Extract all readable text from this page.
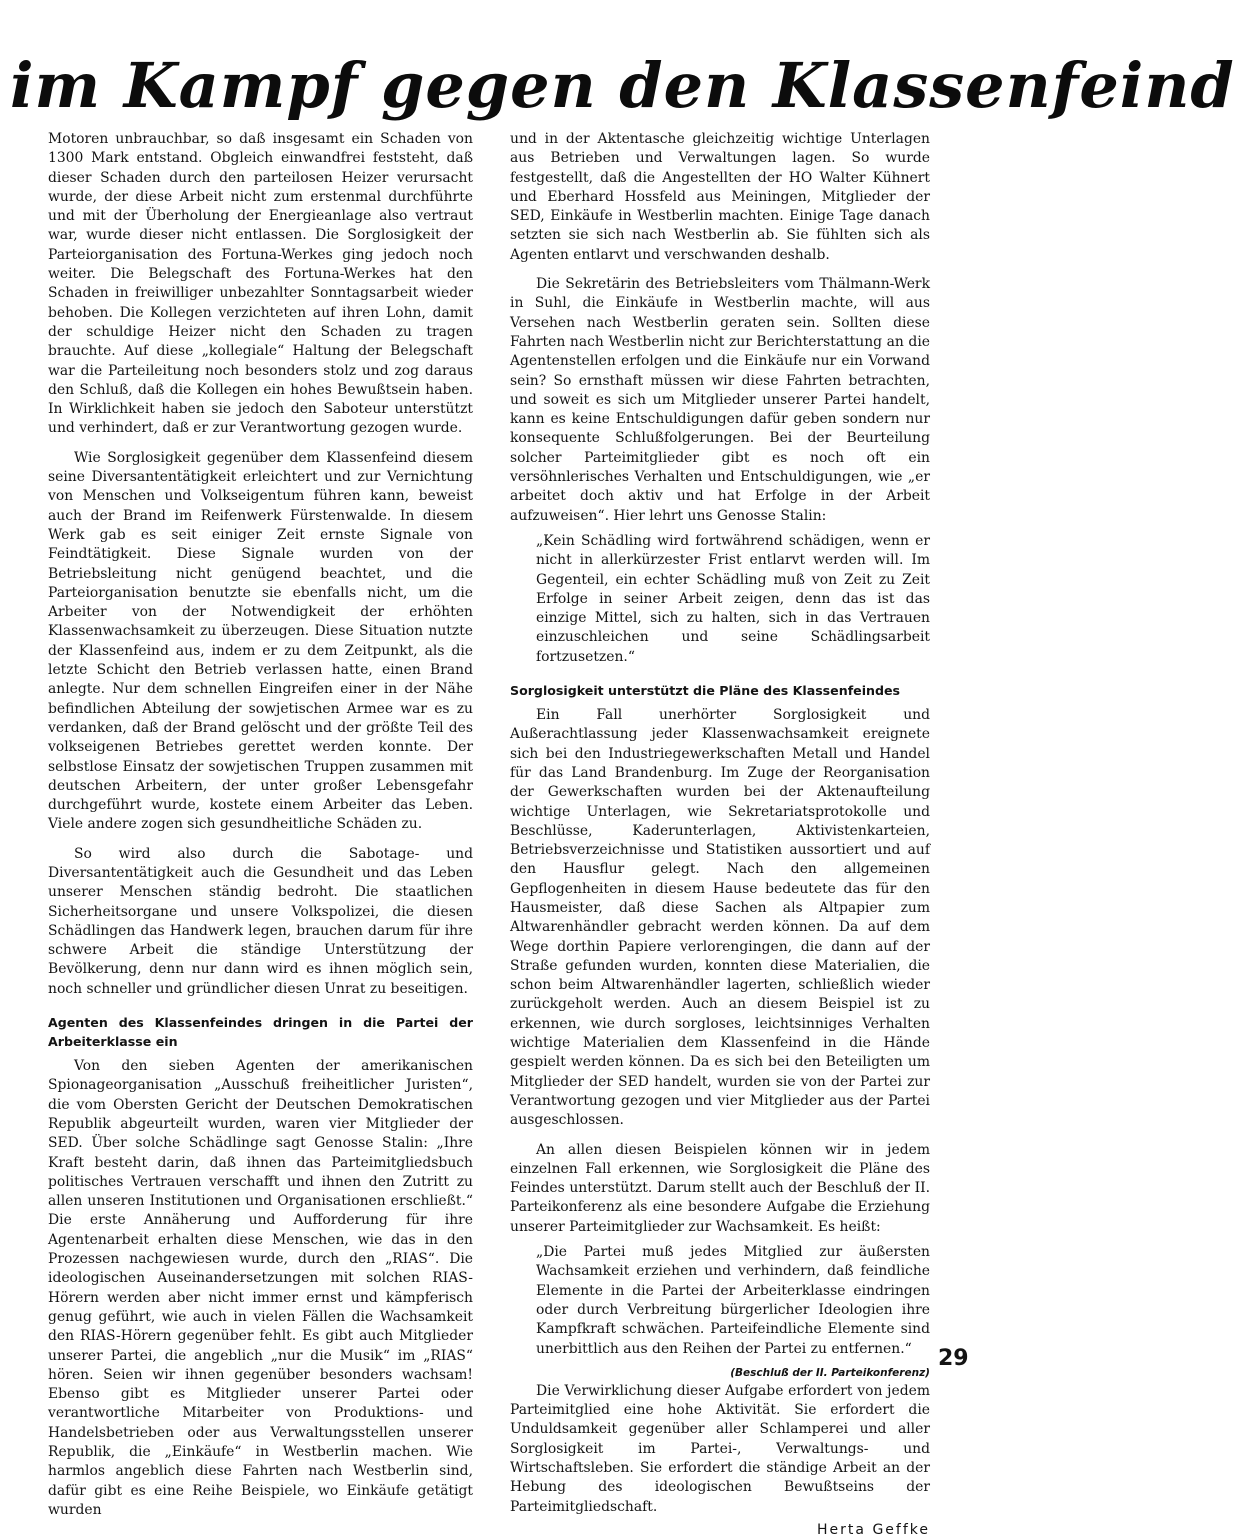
im Kampf gegen den Klassenfeind

Motoren unbrauchbar, so daß insgesamt ein Schaden von 1300 Mark entstand. Obgleich einwandfrei feststeht, daß dieser Schaden durch den parteilosen Heizer verursacht wurde, der diese Arbeit nicht zum erstenmal durchführte und mit der Überholung der Energieanlage also vertraut war, wurde dieser nicht entlassen. Die Sorglosigkeit der Parteiorganisation des Fortuna-Werkes ging jedoch noch weiter. Die Belegschaft des Fortuna-Werkes hat den Schaden in freiwilliger unbezahlter Sonntagsarbeit wieder behoben. Die Kollegen verzichteten auf ihren Lohn, damit der schuldige Heizer nicht den Schaden zu tragen brauchte. Auf diese „kollegiale“ Haltung der Belegschaft war die Parteileitung noch besonders stolz und zog daraus den Schluß, daß die Kollegen ein hohes Bewußtsein haben. In Wirklichkeit haben sie jedoch den Saboteur unterstützt und verhindert, daß er zur Verantwortung gezogen wurde.

Wie Sorglosigkeit gegenüber dem Klassenfeind diesem seine Diversantentätigkeit erleichtert und zur Vernichtung von Menschen und Volkseigentum führen kann, beweist auch der Brand im Reifenwerk Fürstenwalde. In diesem Werk gab es seit einiger Zeit ernste Signale von Feindtätigkeit. Diese Signale wurden von der Betriebsleitung nicht genügend beachtet, und die Parteiorganisation benutzte sie ebenfalls nicht, um die Arbeiter von der Notwendigkeit der erhöhten Klassenwachsamkeit zu überzeugen. Diese Situation nutzte der Klassenfeind aus, indem er zu dem Zeitpunkt, als die letzte Schicht den Betrieb verlassen hatte, einen Brand anlegte. Nur dem schnellen Eingreifen einer in der Nähe befindlichen Abteilung der sowjetischen Armee war es zu verdanken, daß der Brand gelöscht und der größte Teil des volkseigenen Betriebes gerettet werden konnte. Der selbstlose Einsatz der sowjetischen Truppen zusammen mit deutschen Arbeitern, der unter großer Lebensgefahr durchgeführt wurde, kostete einem Arbeiter das Leben. Viele andere zogen sich gesundheitliche Schäden zu.

So wird also durch die Sabotage- und Diversantentätigkeit auch die Gesundheit und das Leben unserer Menschen ständig bedroht. Die staatlichen Sicherheitsorgane und unsere Volkspolizei, die diesen Schädlingen das Handwerk legen, brauchen darum für ihre schwere Arbeit die ständige Unterstützung der Bevölkerung, denn nur dann wird es ihnen möglich sein, noch schneller und gründlicher diesen Unrat zu beseitigen.

Agenten des Klassenfeindes dringen in die Partei der Arbeiterklasse ein

Von den sieben Agenten der amerikanischen Spionageorganisation „Ausschuß freiheitlicher Juristen“, die vom Obersten Gericht der Deutschen Demokratischen Republik abgeurteilt wurden, waren vier Mitglieder der SED. Über solche Schädlinge sagt Genosse Stalin: „Ihre Kraft besteht darin, daß ihnen das Parteimitgliedsbuch politisches Vertrauen verschafft und ihnen den Zutritt zu allen unseren Institutionen und Organisationen erschließt.“ Die erste Annäherung und Aufforderung für ihre Agentenarbeit erhalten diese Menschen, wie das in den Prozessen nachgewiesen wurde, durch den „RIAS“. Die ideologischen Auseinandersetzungen mit solchen RIAS-Hörern werden aber nicht immer ernst und kämpferisch genug geführt, wie auch in vielen Fällen die Wachsamkeit den RIAS-Hörern gegenüber fehlt. Es gibt auch Mitglieder unserer Partei, die angeblich „nur die Musik“ im „RIAS“ hören. Seien wir ihnen gegenüber besonders wachsam! Ebenso gibt es Mitglieder unserer Partei oder verantwortliche Mitarbeiter von Produktions- und Handelsbetrieben oder aus Verwaltungsstellen unserer Republik, die „Einkäufe“ in Westberlin machen. Wie harmlos angeblich diese Fahrten nach Westberlin sind, dafür gibt es eine Reihe Beispiele, wo Einkäufe getätigt wurden

und in der Aktentasche gleichzeitig wichtige Unterlagen aus Betrieben und Verwaltungen lagen. So wurde festgestellt, daß die Angestellten der HO Walter Kühnert und Eberhard Hossfeld aus Meiningen, Mitglieder der SED, Einkäufe in Westberlin machten. Einige Tage danach setzten sie sich nach Westberlin ab. Sie fühlten sich als Agenten entlarvt und verschwanden deshalb.

Die Sekretärin des Betriebsleiters vom Thälmann-Werk in Suhl, die Einkäufe in Westberlin machte, will aus Versehen nach Westberlin geraten sein. Sollten diese Fahrten nach Westberlin nicht zur Berichterstattung an die Agentenstellen erfolgen und die Einkäufe nur ein Vorwand sein? So ernsthaft müssen wir diese Fahrten betrachten, und soweit es sich um Mitglieder unserer Partei handelt, kann es keine Entschuldigungen dafür geben sondern nur konsequente Schlußfolgerungen. Bei der Beurteilung solcher Parteimitglieder gibt es noch oft ein versöhnlerisches Verhalten und Entschuldigungen, wie „er arbeitet doch aktiv und hat Erfolge in der Arbeit aufzuweisen“. Hier lehrt uns Genosse Stalin:

„Kein Schädling wird fortwährend schädigen, wenn er nicht in allerkürzester Frist entlarvt werden will. Im Gegenteil, ein echter Schädling muß von Zeit zu Zeit Erfolge in seiner Arbeit zeigen, denn das ist das einzige Mittel, sich zu halten, sich in das Vertrauen einzuschleichen und seine Schädlingsarbeit fortzusetzen.“
Sorglosigkeit unterstützt die Pläne des Klassenfeindes

Ein Fall unerhörter Sorglosigkeit und Außerachtlassung jeder Klassenwachsamkeit ereignete sich bei den Industriegewerkschaften Metall und Handel für das Land Brandenburg. Im Zuge der Reorganisation der Gewerkschaften wurden bei der Aktenaufteilung wichtige Unterlagen, wie Sekretariatsprotokolle und Beschlüsse, Kaderunterlagen, Aktivistenkarteien, Betriebsverzeichnisse und Statistiken aussortiert und auf den Hausflur gelegt. Nach den allgemeinen Gepflogenheiten in diesem Hause bedeutete das für den Hausmeister, daß diese Sachen als Altpapier zum Altwarenhändler gebracht werden können. Da auf dem Wege dorthin Papiere verlorengingen, die dann auf der Straße gefunden wurden, konnten diese Materialien, die schon beim Altwarenhändler lagerten, schließlich wieder zurückgeholt werden. Auch an diesem Beispiel ist zu erkennen, wie durch sorgloses, leichtsinniges Verhalten wichtige Materialien dem Klassenfeind in die Hände gespielt werden können. Da es sich bei den Beteiligten um Mitglieder der SED handelt, wurden sie von der Partei zur Verantwortung gezogen und vier Mitglieder aus der Partei ausgeschlossen.

An allen diesen Beispielen können wir in jedem einzelnen Fall erkennen, wie Sorglosigkeit die Pläne des Feindes unterstützt. Darum stellt auch der Beschluß der II. Parteikonferenz als eine besondere Aufgabe die Erziehung unserer Parteimitglieder zur Wachsamkeit. Es heißt:

„Die Partei muß jedes Mitglied zur äußersten Wachsamkeit erziehen und verhindern, daß feindliche Elemente in die Partei der Arbeiterklasse eindringen oder durch Verbreitung bürgerlicher Ideologien ihre Kampfkraft schwächen. Parteifeindliche Elemente sind unerbittlich aus den Reihen der Partei zu entfernen.“

(Beschluß der II. Parteikonferenz)

Die Verwirklichung dieser Aufgabe erfordert von jedem Parteimitglied eine hohe Aktivität. Sie erfordert die Unduldsamkeit gegenüber aller Schlamperei und aller Sorglosigkeit im Partei-, Verwaltungs- und Wirtschaftsleben. Sie erfordert die ständige Arbeit an der Hebung des ideologischen Bewußtseins der Parteimitgliedschaft.

Herta Geffke
29
